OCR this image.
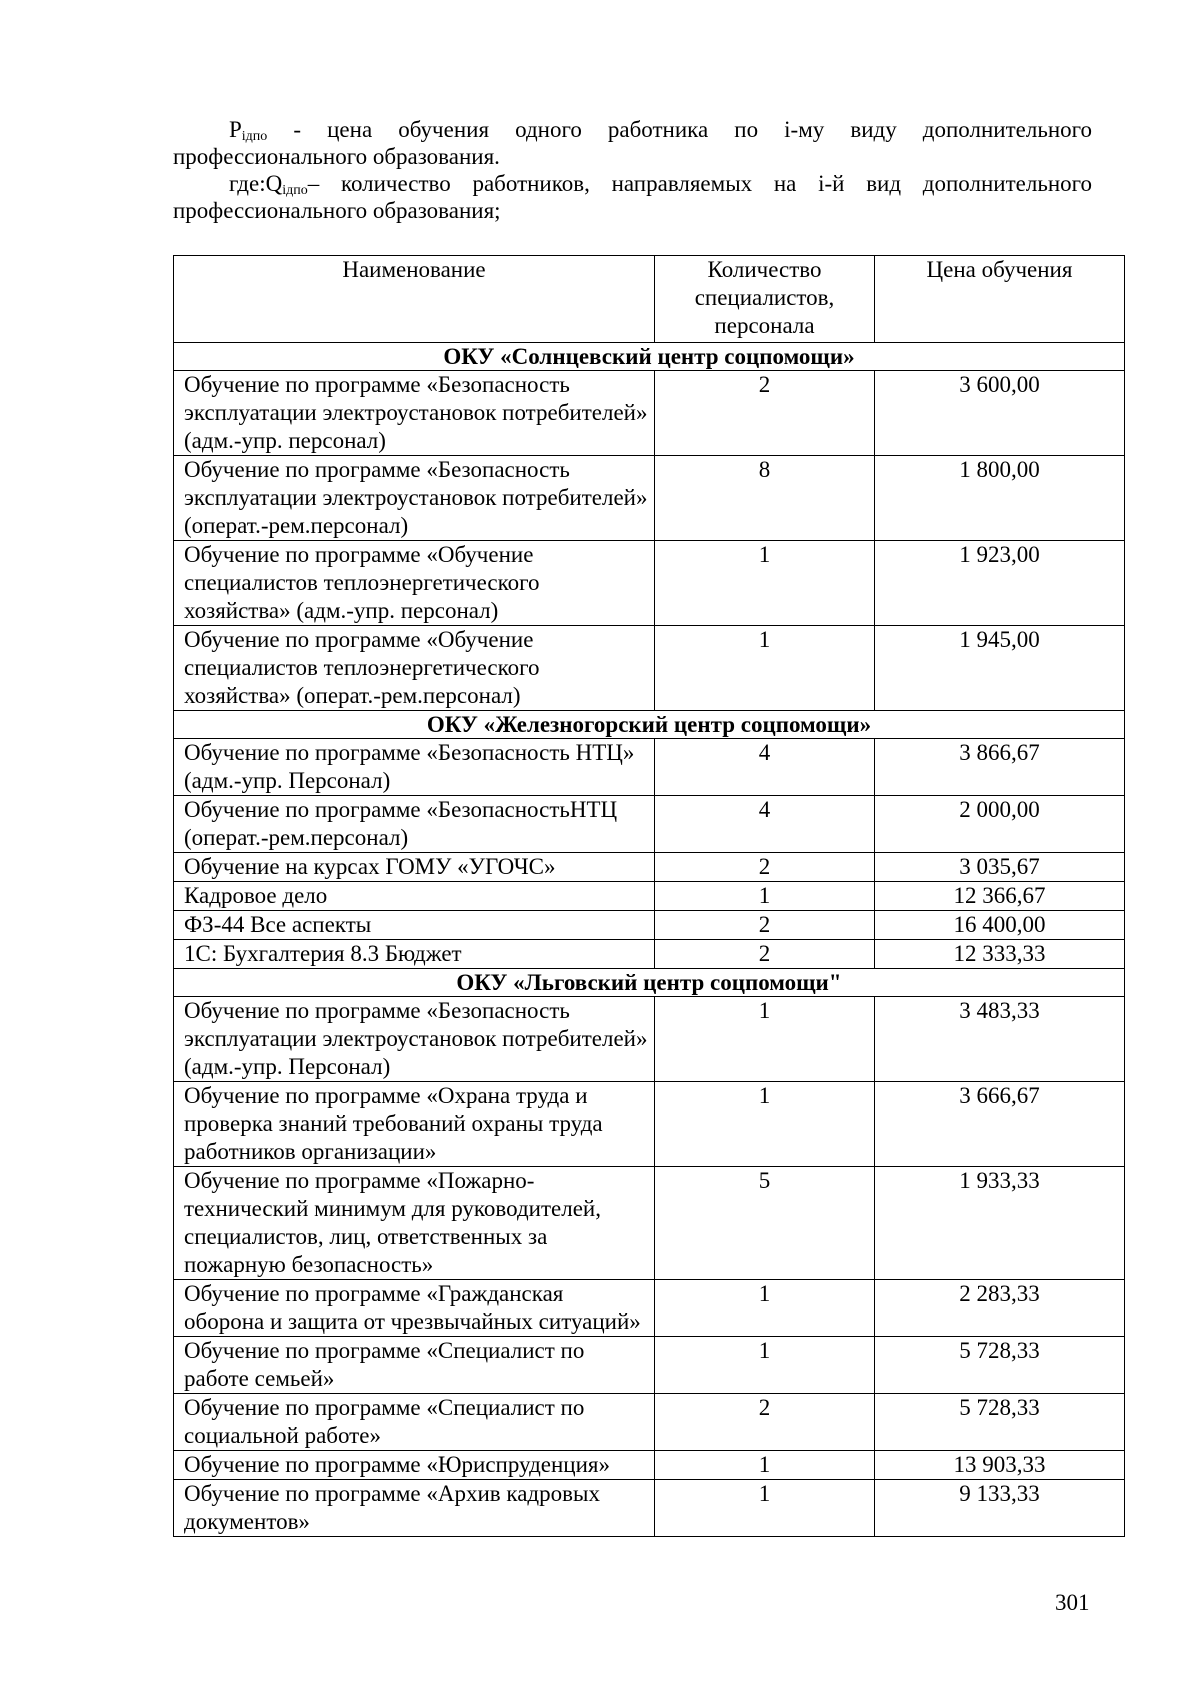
$P_{iдпо}$ - цена обучения одного работника по i-му виду дополнительного профессионального образования.

$где:Q_{iдпо}-$ количество работников, направляемых на i-й вид дополнительного профессионального образования;

Наименование	Количество специалистов, персонала	Цена обучения
ОКУ «Солнцевский центр соцпомощи»		
Обучение по программе «Безопасность эксплуатации электроустановок потребителей» (адм.-упр. персонал)	2	3 600,00
Обучение по программе «Безопасность эксплуатации электроустановок потребителей» (операт.-рем.персонал)	8	1 800,00
Обучение по программе «Обучение специалистов теплоэнергетического хозяйства» (адм.-упр. персонал)	1	1 923,00
Обучение по программе «Обучение специалистов теплоэнергетического хозяйства» (операт.-рем.персонал)	1	1 945,00
ОКУ «Железногорский центр соцпомощи»		
Обучение по программе «Безопасность НТЦ» (адм.-упр. Персонал)	4	3 866,67
Обучение по программе «БезопасностьНТЦ (операт.-рем.персонал)	4	2 000,00
Обучение на курсах ГОМУ «УГОЧС»	2	3 035,67
Кадровое дело	1	12 366,67
ФЗ-44 Все аспекты	2	16 400,00
1С: Бухгалтерия 8.3 Бюджет	2	12 333,33
ОКУ «Льговский центр соцпомощи"		
Обучение по программе «Безопасность эксплуатации электроустановок потребителей» (адм.-упр. Персонал)	1	3 483,33
Обучение по программе «Охрана труда и проверка знаний требований охраны труда работников организации»	1	3 666,67
Обучение по программе «Пожарно-технический минимум для руководителей, специалистов, лиц, ответственных за пожарную безопасность»	5	1 933,33
Обучение по программе «Гражданская оборона и защита от чрезвычайных ситуаций»	1	2 283,33
Обучение по программе «Специалист по работе семьей»	1	5 728,33
Обучение по программе «Специалист по социальной работе»	2	5 728,33
Обучение по программе «Юриспруденция»	1	13 903,33
Обучение по программе «Архив кадровых документов»	1	9 133,33
301
